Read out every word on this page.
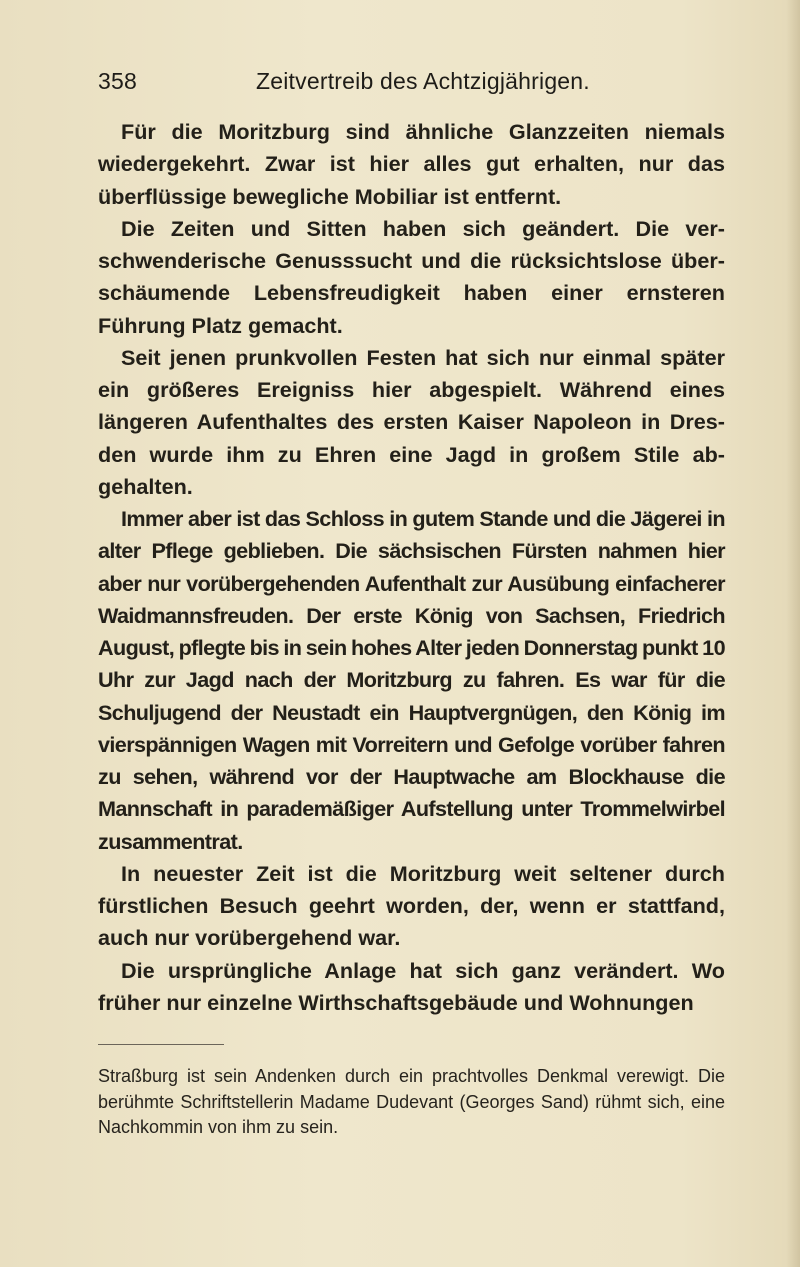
358	Zeitvertreib des Achtzigjährigen.

Für die Moritzburg sind ähnliche Glanzzeiten niemals wiedergekehrt. Zwar ist hier alles gut erhalten, nur das überflüssige bewegliche Mobiliar ist entfernt.

Die Zeiten und Sitten haben sich geändert. Die verschwenderische Genusssucht und die rücksichtslose überschäumende Lebensfreudigkeit haben einer ernsteren Führung Platz gemacht.

Seit jenen prunkvollen Festen hat sich nur einmal später ein größeres Ereigniss hier abgespielt. Während eines längeren Aufenthaltes des ersten Kaiser Napoleon in Dresden wurde ihm zu Ehren eine Jagd in großem Stile abgehalten.

Immer aber ist das Schloss in gutem Stande und die Jägerei in alter Pflege geblieben. Die sächsischen Fürsten nahmen hier aber nur vorübergehenden Aufenthalt zur Ausübung einfacherer Waidmannsfreuden. Der erste König von Sachsen, Friedrich August, pflegte bis in sein hohes Alter jeden Donnerstag punkt 10 Uhr zur Jagd nach der Moritzburg zu fahren. Es war für die Schuljugend der Neustadt ein Hauptvergnügen, den König im vierspännigen Wagen mit Vorreitern und Gefolge vorüber fahren zu sehen, während vor der Hauptwache am Blockhause die Mannschaft in parademäßiger Aufstellung unter Trommelwirbel zusammentrat.

In neuester Zeit ist die Moritzburg weit seltener durch fürstlichen Besuch geehrt worden, der, wenn er stattfand, auch nur vorübergehend war.

Die ursprüngliche Anlage hat sich ganz verändert. Wo früher nur einzelne Wirthschaftsgebäude und Wohnungen

Straßburg ist sein Andenken durch ein prachtvolles Denkmal verewigt. Die berühmte Schriftstellerin Madame Dudevant (Georges Sand) rühmt sich, eine Nachkommin von ihm zu sein.
